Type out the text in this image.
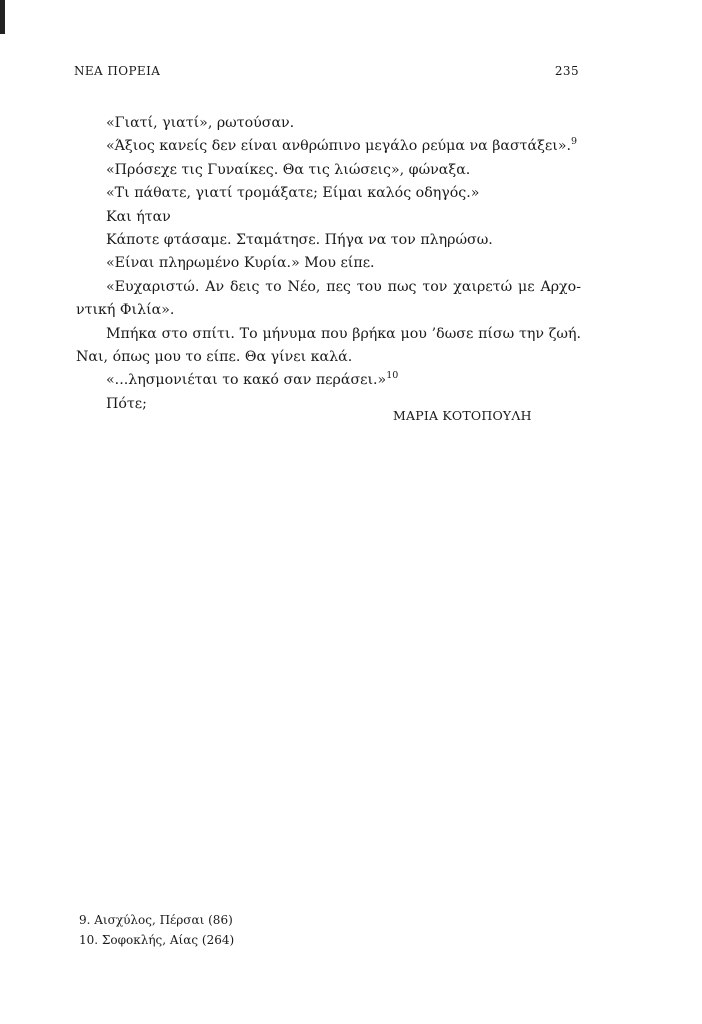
ΝΕΑ ΠΟΡΕΙΑ	235

«Γιατί, γιατί», ρωτούσαν.

«Άξιος κανείς δεν είναι ανθρώπινο μεγάλο ρεύμα να βαστάξει».$^9$

«Πρόσεχε τις Γυναίκες. Θα τις λιώσεις», φώναξα.

«Τι πάθατε, γιατί τρομάξατε; Είμαι καλός οδηγός.»

Και ήταν

Κάποτε φτάσαμε. Σταμάτησε. Πήγα να τον πληρώσω.

«Είναι πληρωμένο Κυρία.» Μου είπε.

«Ευχαριστώ. Αν δεις το Νέο, πες του πως τον χαιρετώ με Αρχο-ντική Φιλία».

Μπήκα στο σπίτι. Το μήνυμα που βρήκα μου ’δωσε πίσω την ζωή. Ναι, όπως μου το είπε. Θα γίνει καλά.

«...λησμονιέται το κακό σαν περάσει.»$^{10}$

Πότε;

ΜΑΡΙΑ ΚΟΤΟΠΟΥΛΗ
9. Αισχύλος, Πέρσαι (86)
10. Σοφοκλής, Αίας (264)
